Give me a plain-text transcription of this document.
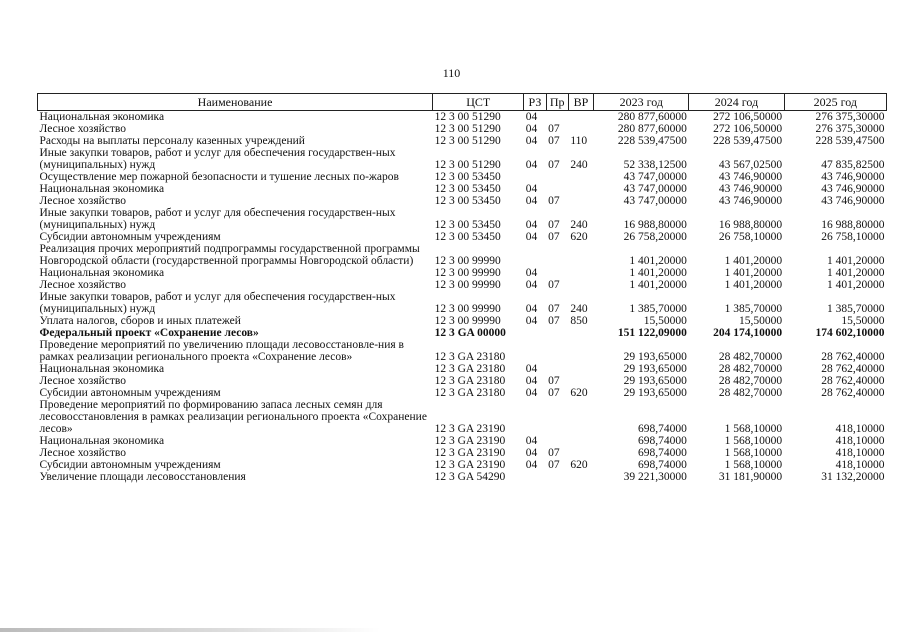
110
Наименование	ЦСТ	РЗ	Пр	ВР	2023 год	2024 год	2025 год
Национальная экономика	12 3 00 51290	04			280 877,60000	272 106,50000	276 375,30000
Лесное хозяйство	12 3 00 51290	04	07		280 877,60000	272 106,50000	276 375,30000
Расходы на выплаты персоналу казенных учреждений	12 3 00 51290	04	07	110	228 539,47500	228 539,47500	228 539,47500
Иные закупки товаров, работ и услуг для обеспечения государствен-ных (муниципальных) нужд	12 3 00 51290	04	07	240	52 338,12500	43 567,02500	47 835,82500
Осуществление мер пожарной безопасности и тушение лесных по-жаров	12 3 00 53450				43 747,00000	43 746,90000	43 746,90000
Национальная экономика	12 3 00 53450	04			43 747,00000	43 746,90000	43 746,90000
Лесное хозяйство	12 3 00 53450	04	07		43 747,00000	43 746,90000	43 746,90000
Иные закупки товаров, работ и услуг для обеспечения государствен-ных (муниципальных) нужд	12 3 00 53450	04	07	240	16 988,80000	16 988,80000	16 988,80000
Субсидии автономным учреждениям	12 3 00 53450	04	07	620	26 758,20000	26 758,10000	26 758,10000
Реализация прочих мероприятий подпрограммы государственной программы Новгородской области (государственной программы Новгородской области)	12 3 00 99990				1 401,20000	1 401,20000	1 401,20000
Национальная экономика	12 3 00 99990	04			1 401,20000	1 401,20000	1 401,20000
Лесное хозяйство	12 3 00 99990	04	07		1 401,20000	1 401,20000	1 401,20000
Иные закупки товаров, работ и услуг для обеспечения государствен-ных (муниципальных) нужд	12 3 00 99990	04	07	240	1 385,70000	1 385,70000	1 385,70000
Уплата налогов, сборов и иных платежей	12 3 00 99990	04	07	850	15,50000	15,50000	15,50000
Федеральный проект «Сохранение лесов»	12 3 GA 00000				151 122,09000	204 174,10000	174 602,10000
Проведение мероприятий по увеличению площади лесовосстановле-ния в рамках реализации регионального проекта «Сохранение лесов»	12 3 GA 23180				29 193,65000	28 482,70000	28 762,40000
Национальная экономика	12 3 GA 23180	04			29 193,65000	28 482,70000	28 762,40000
Лесное хозяйство	12 3 GA 23180	04	07		29 193,65000	28 482,70000	28 762,40000
Субсидии автономным учреждениям	12 3 GA 23180	04	07	620	29 193,65000	28 482,70000	28 762,40000
Проведение мероприятий по формированию запаса лесных семян для лесовосстановления в рамках реализации регионального проекта «Сохранение лесов»	12 3 GA 23190				698,74000	1 568,10000	418,10000
Национальная экономика	12 3 GA 23190	04			698,74000	1 568,10000	418,10000
Лесное хозяйство	12 3 GA 23190	04	07		698,74000	1 568,10000	418,10000
Субсидии автономным учреждениям	12 3 GA 23190	04	07	620	698,74000	1 568,10000	418,10000
Увеличение площади лесовосстановления	12 3 GA 54290				39 221,30000	31 181,90000	31 132,20000
